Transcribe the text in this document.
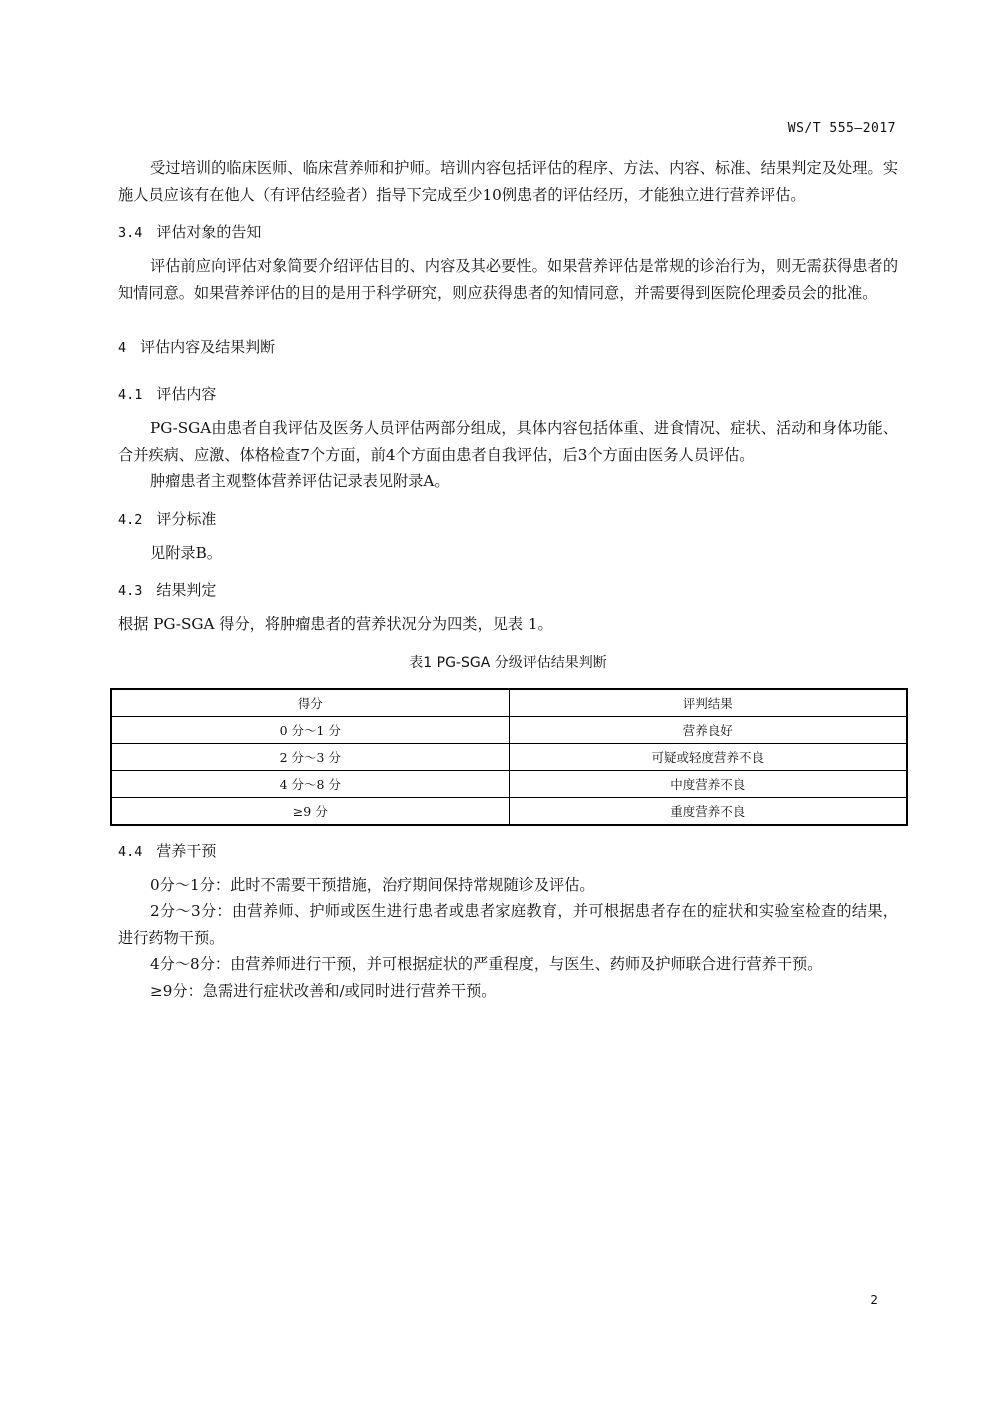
WS/T 555—2017

受过培训的临床医师、临床营养师和护师。培训内容包括评估的程序、方法、内容、标准、结果判定及处理。实施人员应该有在他人（有评估经验者）指导下完成至少10例患者的评估经历，才能独立进行营养评估。

3.4 评估对象的告知

评估前应向评估对象简要介绍评估目的、内容及其必要性。如果营养评估是常规的诊治行为，则无需获得患者的知情同意。如果营养评估的目的是用于科学研究，则应获得患者的知情同意，并需要得到医院伦理委员会的批准。

4 评估内容及结果判断
4.1 评估内容

PG-SGA由患者自我评估及医务人员评估两部分组成，具体内容包括体重、进食情况、症状、活动和身体功能、合并疾病、应激、体格检查7个方面，前4个方面由患者自我评估，后3个方面由医务人员评估。

肿瘤患者主观整体营养评估记录表见附录A。

4.2 评分标准

见附录B。

4.3 结果判定

根据 PG-SGA 得分，将肿瘤患者的营养状况分为四类，见表 1。

表1 PG-SGA 分级评估结果判断
得分	评判结果
0 分～1 分	营养良好
2 分～3 分	可疑或轻度营养不良
4 分～8 分	中度营养不良
≥9 分	重度营养不良
4.4 营养干预

0分～1分：此时不需要干预措施，治疗期间保持常规随诊及评估。

2分～3分：由营养师、护师或医生进行患者或患者家庭教育，并可根据患者存在的症状和实验室检查的结果，进行药物干预。

4分～8分：由营养师进行干预，并可根据症状的严重程度，与医生、药师及护师联合进行营养干预。

≥9分：急需进行症状改善和/或同时进行营养干预。

2
